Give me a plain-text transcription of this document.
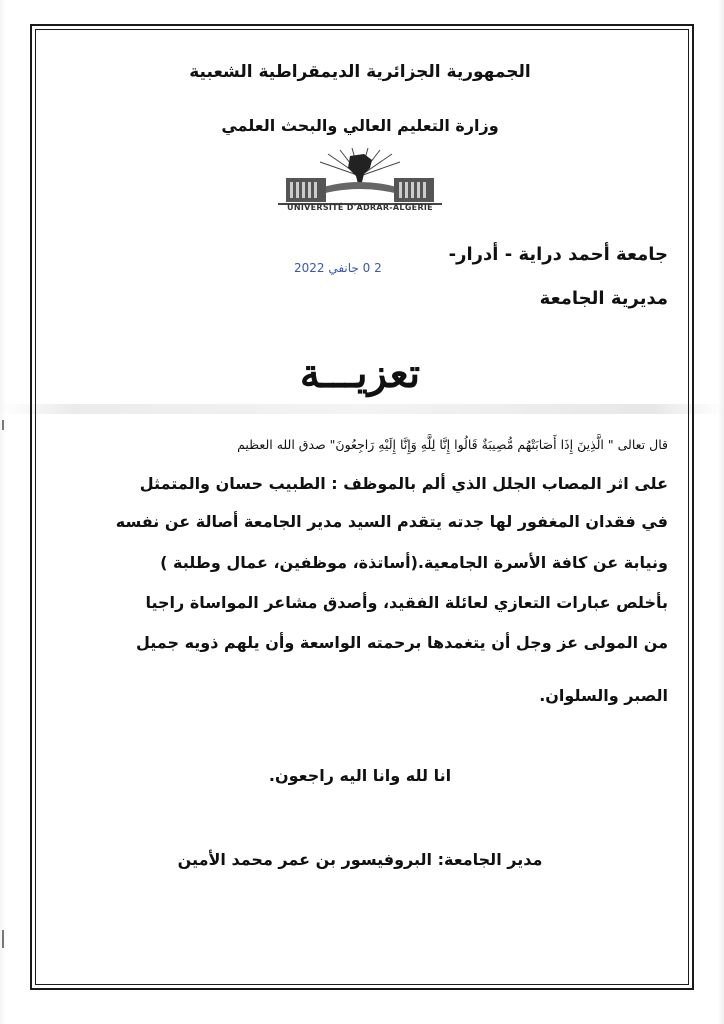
الجمهورية الجزائرية الديمقراطية الشعبية
وزارة التعليم العالي والبحث العلمي
UNIVERSITÉ D'ADRAR-ALGERIE
جامعة أحمد دراية - أدرار-
2 0 جانفي 2022
مديرية الجامعة
تعزيـــة
قال تعالى " الَّذِينَ إِذَا أَصَابَتْهُم مُّصِيبَةٌ قَالُوا إِنَّا لِلَّهِ وَإِنَّا إِلَيْهِ رَاجِعُونَ" صدق الله العظيم
على اثر المصاب الجلل الذي ألم بالموظف : الطبيب حسان والمتمثل
في فقدان المغفور لها جدته يتقدم السيد مدير الجامعة أصالة عن نفسه
ونيابة عن كافة الأسرة الجامعية.(أساتذة، موظفين، عمال وطلبة )
بأخلص عبارات التعازي لعائلة الفقيد، وأصدق مشاعر المواساة راجيا
من المولى عز وجل أن يتغمدها برحمته الواسعة وأن يلهم ذويه جميل
الصبر والسلوان.
انا لله وانا اليه راجعون.
مدير الجامعة: البروفيسور بن عمر محمد الأمين
